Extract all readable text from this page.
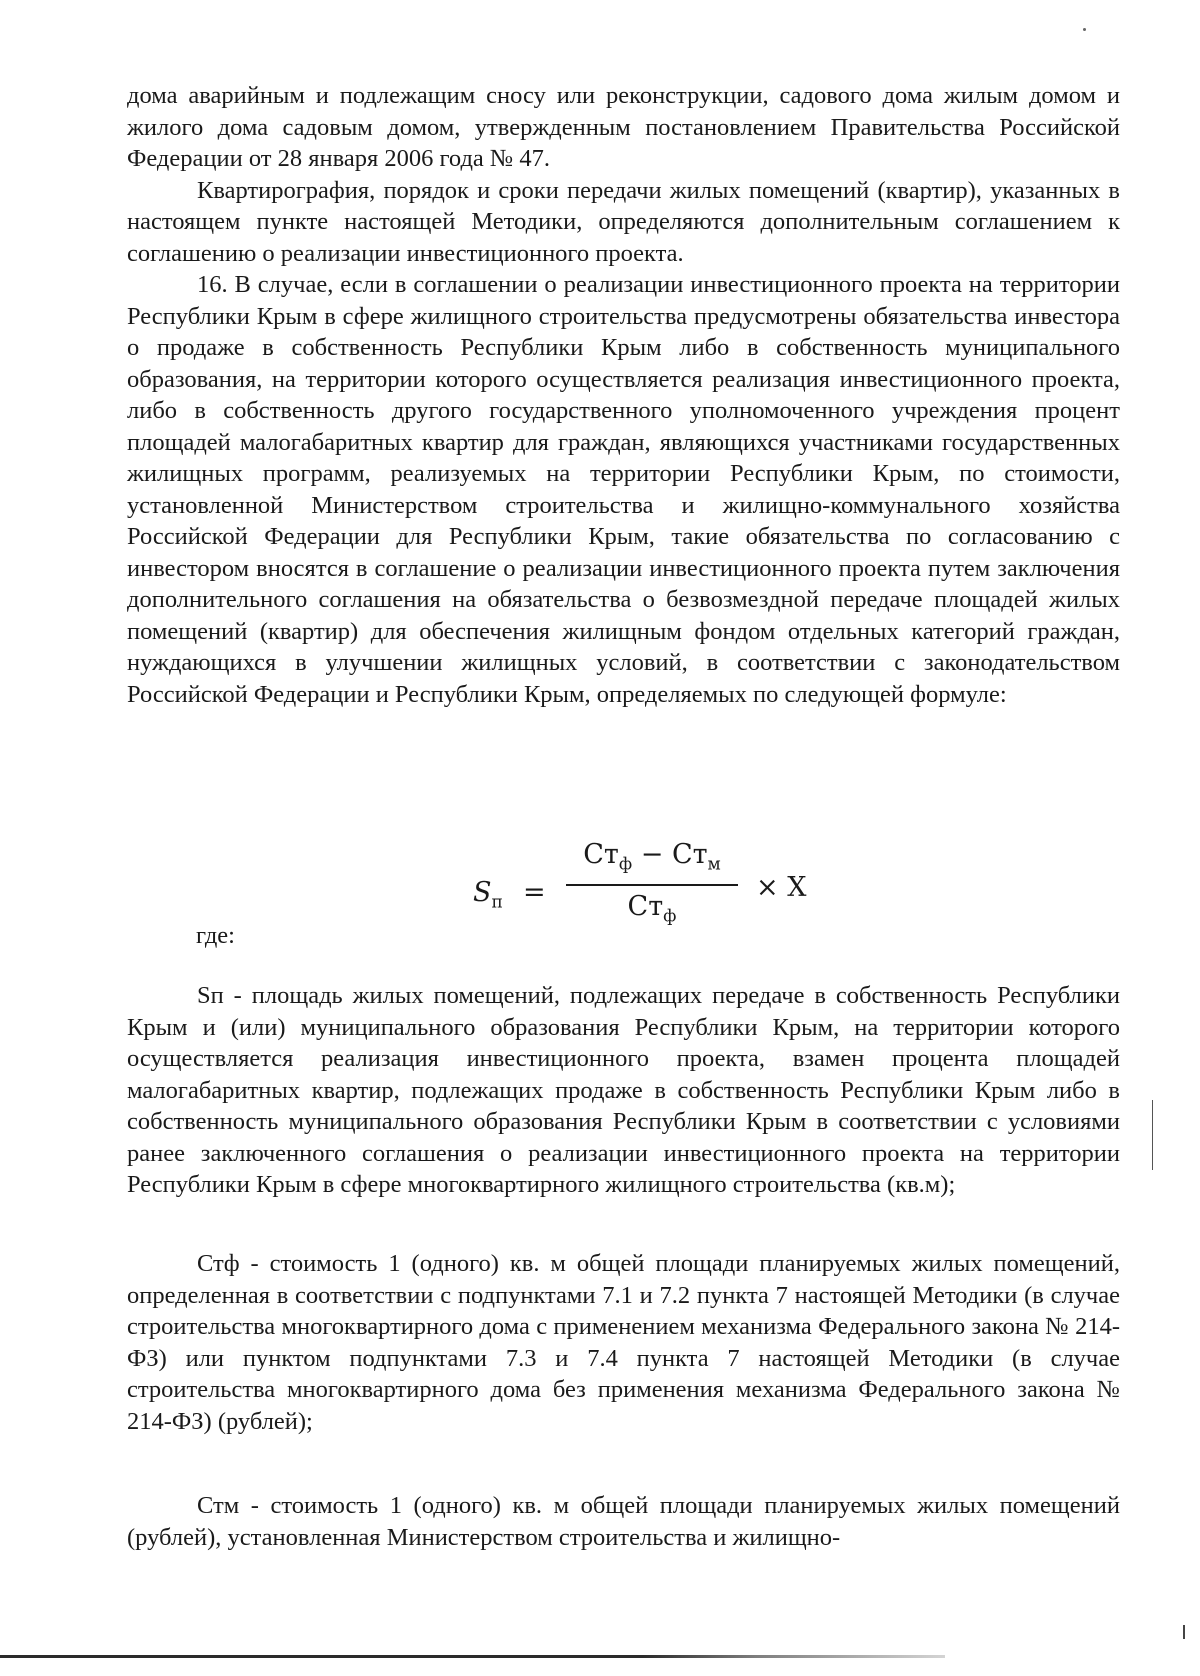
дома аварийным и подлежащим сносу или реконструкции, садового дома жилым домом и жилого дома садовым домом, утвержденным постановлением Правительства Российской Федерации от 28 января 2006 года № 47.

Квартирография, порядок и сроки передачи жилых помещений (квартир), указанных в настоящем пункте настоящей Методики, определяются дополнительным соглашением к соглашению о реализации инвестиционного проекта.

16. В случае, если в соглашении о реализации инвестиционного проекта на территории Республики Крым в сфере жилищного строительства предусмотрены обязательства инвестора о продаже в собственность Республики Крым либо в собственность муниципального образования, на территории которого осуществляется реализация инвестиционного проекта, либо в собственность другого государственного уполномоченного учреждения процент площадей малогабаритных квартир для граждан, являющихся участниками государственных жилищных программ, реализуемых на территории Республики Крым, по стоимости, установленной Министерством строительства и жилищно-коммунального хозяйства Российской Федерации для Республики Крым, такие обязательства по согласованию с инвестором вносятся в соглашение о реализации инвестиционного проекта путем заключения дополнительного соглашения на обязательства о безвозмездной передаче площадей жилых помещений (квартир) для обеспечения жилищным фондом отдельных категорий граждан, нуждающихся в улучшении жилищных условий, в соответствии с законодательством Российской Федерации и Республики Крым, определяемых по следующей формуле:

$S_п$ =
$Ст_ф - Ст_м$
$Ст_ф$
× X
где:

Sп - площадь жилых помещений, подлежащих передаче в собственность Республики Крым и (или) муниципального образования Республики Крым, на территории которого осуществляется реализация инвестиционного проекта, взамен процента площадей малогабаритных квартир, подлежащих продаже в собственность Республики Крым либо в собственность муниципального образования Республики Крым в соответствии с условиями ранее заключенного соглашения о реализации инвестиционного проекта на территории Республики Крым в сфере многоквартирного жилищного строительства (кв.м);

Стф - стоимость 1 (одного) кв. м общей площади планируемых жилых помещений, определенная в соответствии с подпунктами 7.1 и 7.2 пункта 7 настоящей Методики (в случае строительства многоквартирного дома с применением механизма Федерального закона № 214-ФЗ) или пунктом подпунктами 7.3 и 7.4 пункта 7 настоящей Методики (в случае строительства многоквартирного дома без применения механизма Федерального закона № 214-ФЗ) (рублей);

Стм - стоимость 1 (одного) кв. м общей площади планируемых жилых помещений (рублей), установленная Министерством строительства и жилищно-
